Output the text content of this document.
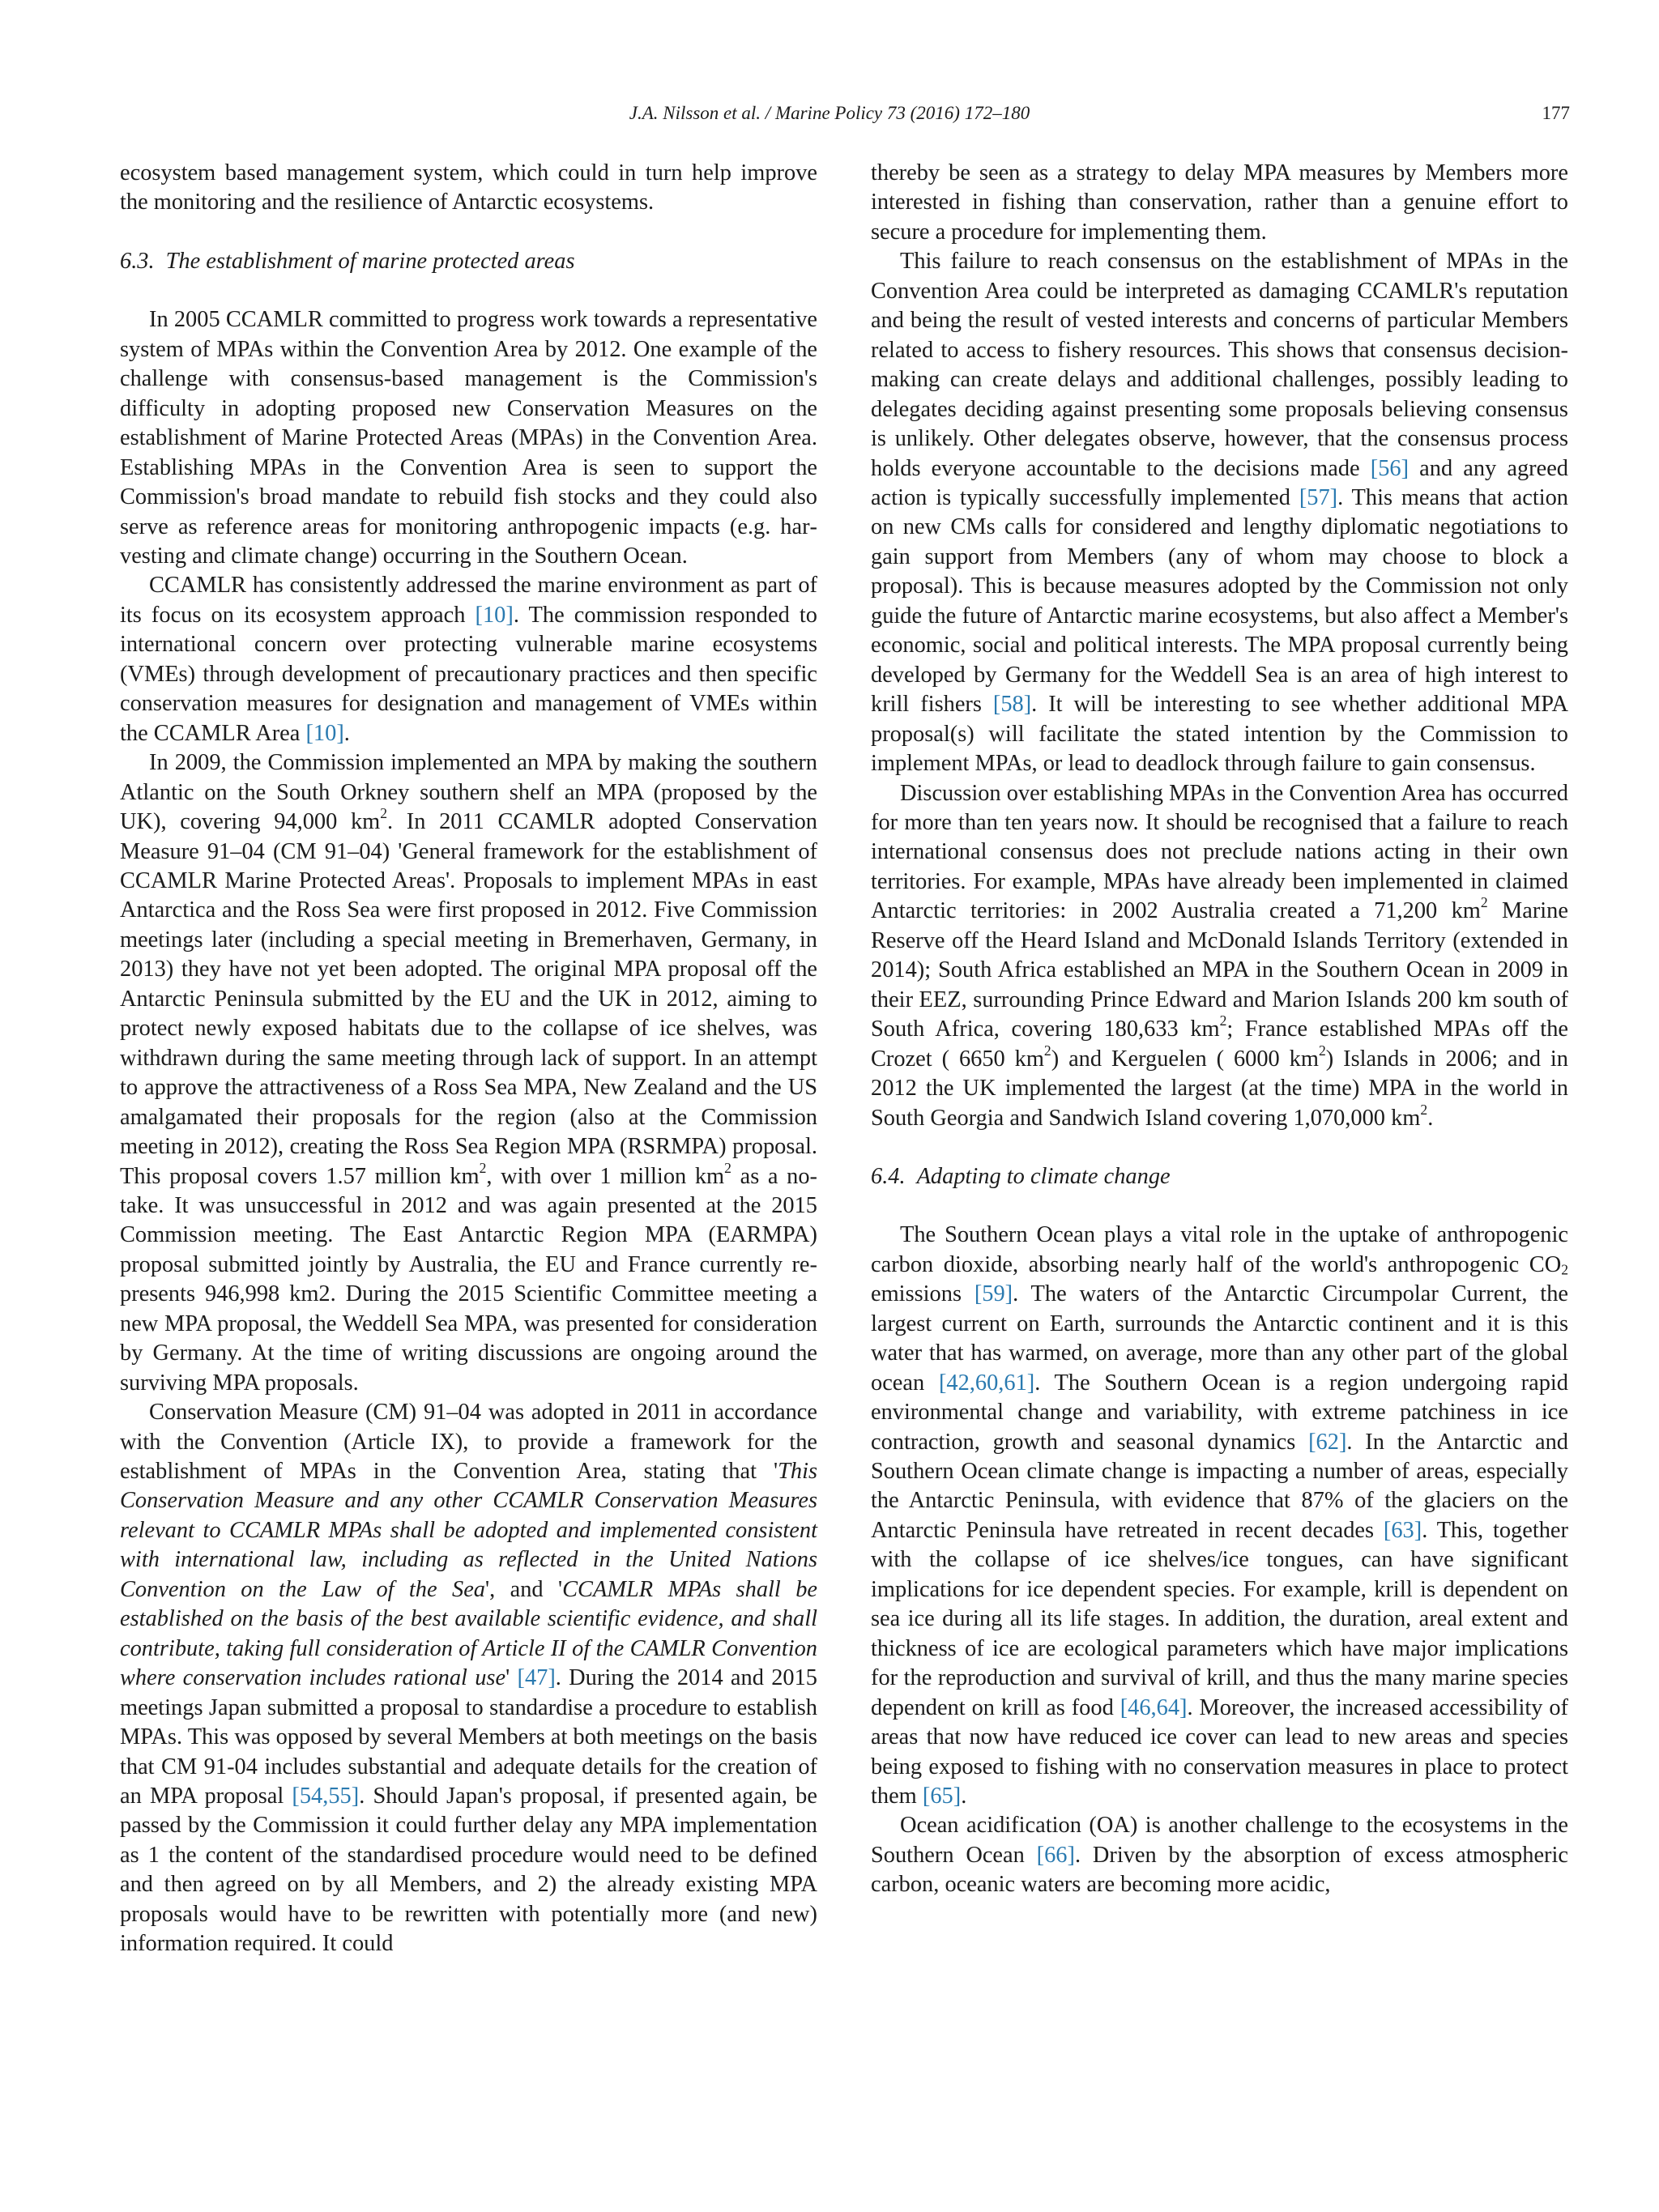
J.A. Nilsson et al. / Marine Policy 73 (2016) 172–180	177

ecosystem based management system, which could in turn help improve the monitoring and the resilience of Antarctic ecosystems.

6.3. The establishment of marine protected areas

In 2005 CCAMLR committed to progress work towards a representative system of MPAs within the Convention Area by 2012. One example of the challenge with consensus-based management is the Commission's difficulty in adopting proposed new Conservation Measures on the establishment of Marine Protected Areas (MPAs) in the Convention Area. Establishing MPAs in the Convention Area is seen to support the Commission's broad mandate to rebuild fish stocks and they could also serve as reference areas for monitoring anthropogenic impacts (e.g. harvesting and climate change) occurring in the Southern Ocean.

CCAMLR has consistently addressed the marine environment as part of its focus on its ecosystem approach [10]. The commission responded to international concern over protecting vulnerable marine ecosystems (VMEs) through development of precautionary practices and then specific conservation measures for designation and management of VMEs within the CCAMLR Area [10].

In 2009, the Commission implemented an MPA by making the southern Atlantic on the South Orkney southern shelf an MPA (proposed by the UK), covering 94,000 $km^2$. In 2011 CCAMLR adopted Conservation Measure 91–04 (CM 91–04) 'General framework for the establishment of CCAMLR Marine Protected Areas'. Proposals to implement MPAs in east Antarctica and the Ross Sea were first proposed in 2012. Five Commission meetings later (including a special meeting in Bremerhaven, Germany, in 2013) they have not yet been adopted. The original MPA proposal off the Antarctic Peninsula submitted by the EU and the UK in 2012, aiming to protect newly exposed habitats due to the collapse of ice shelves, was withdrawn during the same meeting through lack of support. In an attempt to approve the attractiveness of a Ross Sea MPA, New Zealand and the US amalgamated their proposals for the region (also at the Commission meeting in 2012), creating the Ross Sea Region MPA (RSRMPA) proposal. This proposal covers 1.57 million $km^2$, with over 1 million $km^2$ as a no-take. It was unsuccessful in 2012 and was again presented at the 2015 Commission meeting. The East Antarctic Region MPA (EARMPA) proposal submitted jointly by Australia, the EU and France currently represents 946,998 km2. During the 2015 Scientific Committee meeting a new MPA proposal, the Weddell Sea MPA, was presented for consideration by Germany. At the time of writing discussions are ongoing around the surviving MPA proposals.

Conservation Measure (CM) 91–04 was adopted in 2011 in accordance with the Convention (Article IX), to provide a framework for the establishment of MPAs in the Convention Area, stating that 'This Conservation Measure and any other CCAMLR Conservation Measures relevant to CCAMLR MPAs shall be adopted and implemented consistent with international law, including as reflected in the United Nations Convention on the Law of the Sea', and 'CCAMLR MPAs shall be established on the basis of the best available scientific evidence, and shall contribute, taking full consideration of Article II of the CAMLR Convention where conservation includes rational use' [47]. During the 2014 and 2015 meetings Japan submitted a proposal to standardise a procedure to establish MPAs. This was opposed by several Members at both meetings on the basis that CM 91-04 includes substantial and adequate details for the creation of an MPA proposal [54,55]. Should Japan's proposal, if presented again, be passed by the Commission it could further delay any MPA implementation as 1 the content of the standardised procedure would need to be defined and then agreed on by all Members, and 2) the already existing MPA proposals would have to be rewritten with potentially more (and new) information required. It could

thereby be seen as a strategy to delay MPA measures by Members more interested in fishing than conservation, rather than a genuine effort to secure a procedure for implementing them.

This failure to reach consensus on the establishment of MPAs in the Convention Area could be interpreted as damaging CCAMLR's reputation and being the result of vested interests and concerns of particular Members related to access to fishery resources. This shows that consensus decision-making can create delays and additional challenges, possibly leading to delegates deciding against presenting some proposals believing consensus is unlikely. Other delegates observe, however, that the consensus process holds everyone accountable to the decisions made [56] and any agreed action is typically successfully implemented [57]. This means that action on new CMs calls for considered and lengthy diplomatic negotiations to gain support from Members (any of whom may choose to block a proposal). This is because measures adopted by the Commission not only guide the future of Antarctic marine ecosystems, but also affect a Member's economic, social and political interests. The MPA proposal currently being developed by Germany for the Weddell Sea is an area of high interest to krill fishers [58]. It will be interesting to see whether additional MPA proposal(s) will facilitate the stated intention by the Commission to implement MPAs, or lead to deadlock through failure to gain consensus.

Discussion over establishing MPAs in the Convention Area has occurred for more than ten years now. It should be recognised that a failure to reach international consensus does not preclude nations acting in their own territories. For example, MPAs have already been implemented in claimed Antarctic territories: in 2002 Australia created a 71,200 $km^2$ Marine Reserve off the Heard Island and McDonald Islands Territory (extended in 2014); South Africa established an MPA in the Southern Ocean in 2009 in their EEZ, surrounding Prince Edward and Marion Islands 200 km south of South Africa, covering 180,633 $km^2$; France established MPAs off the Crozet ( 6650 $km^2$) and Kerguelen ( 6000 $km^2$) Islands in 2006; and in 2012 the UK implemented the largest (at the time) MPA in the world in South Georgia and Sandwich Island covering 1,070,000 $km^2$.

6.4. Adapting to climate change

The Southern Ocean plays a vital role in the uptake of anthropogenic carbon dioxide, absorbing nearly half of the world's anthropogenic $CO_2$ emissions [59]. The waters of the Antarctic Circumpolar Current, the largest current on Earth, surrounds the Antarctic continent and it is this water that has warmed, on average, more than any other part of the global ocean [42,60,61]. The Southern Ocean is a region undergoing rapid environmental change and variability, with extreme patchiness in ice contraction, growth and seasonal dynamics [62]. In the Antarctic and Southern Ocean climate change is impacting a number of areas, especially the Antarctic Peninsula, with evidence that 87% of the glaciers on the Antarctic Peninsula have retreated in recent decades [63]. This, together with the collapse of ice shelves/ice tongues, can have significant implications for ice dependent species. For example, krill is dependent on sea ice during all its life stages. In addition, the duration, areal extent and thickness of ice are ecological parameters which have major implications for the reproduction and survival of krill, and thus the many marine species dependent on krill as food [46,64]. Moreover, the increased accessibility of areas that now have reduced ice cover can lead to new areas and species being exposed to fishing with no conservation measures in place to protect them [65].

Ocean acidification (OA) is another challenge to the ecosystems in the Southern Ocean [66]. Driven by the absorption of excess atmospheric carbon, oceanic waters are becoming more acidic,
